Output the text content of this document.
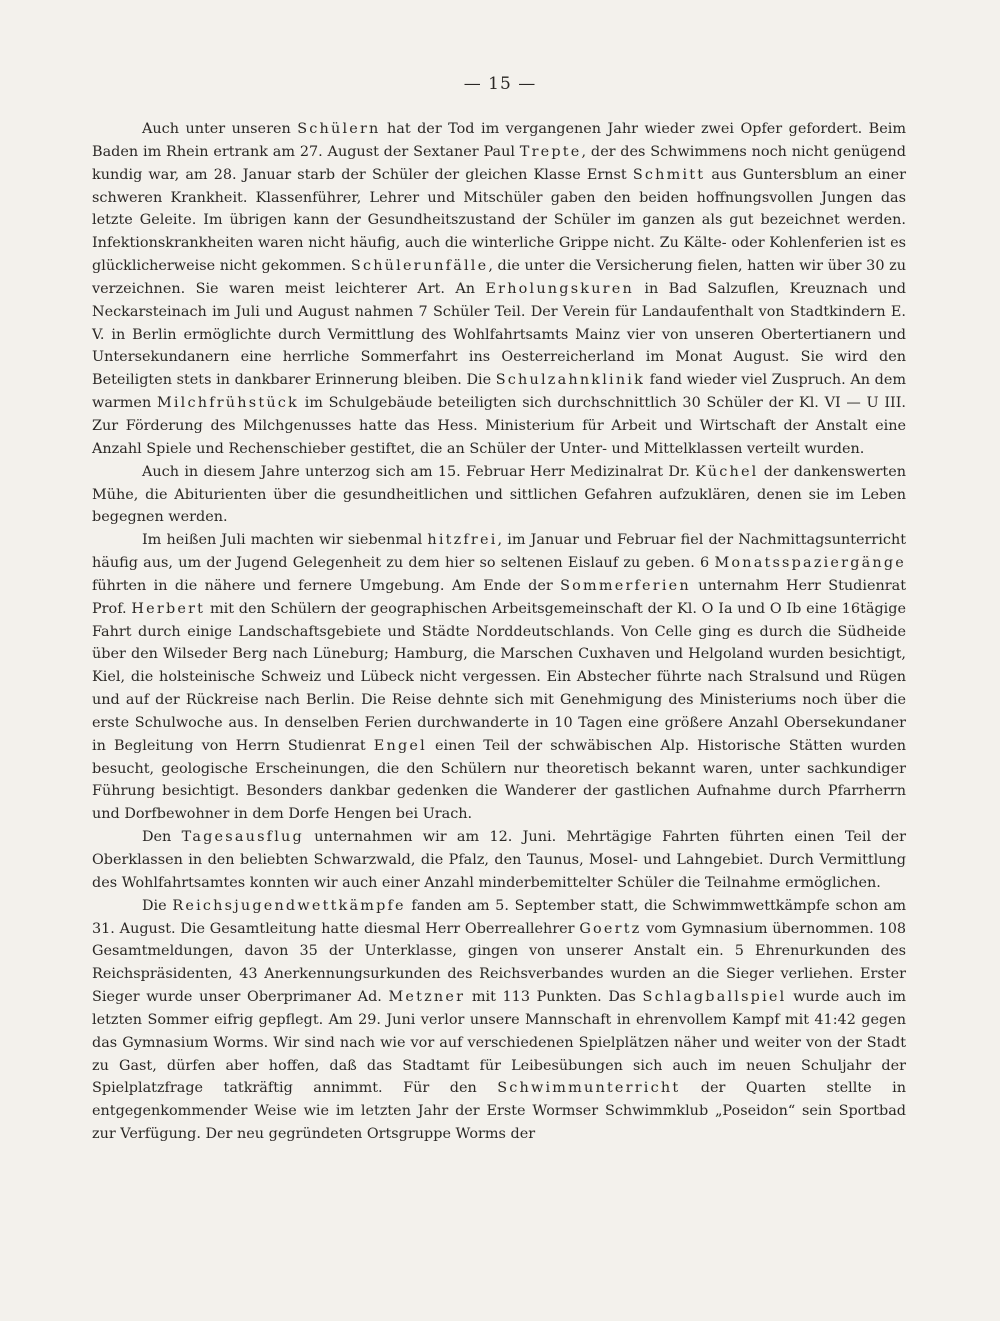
— 15 —

Auch unter unseren Schülern hat der Tod im vergangenen Jahr wieder zwei Opfer gefordert. Beim Baden im Rhein ertrank am 27. August der Sextaner Paul Trepte, der des Schwimmens noch nicht genügend kundig war, am 28. Januar starb der Schüler der gleichen Klasse Ernst Schmitt aus Guntersblum an einer schweren Krankheit. Klassenführer, Lehrer und Mitschüler gaben den beiden hoffnungsvollen Jungen das letzte Geleite. Im übrigen kann der Gesundheitszustand der Schüler im ganzen als gut bezeichnet werden. Infektionskrankheiten waren nicht häufig, auch die winterliche Grippe nicht. Zu Kälte- oder Kohlenferien ist es glücklicherweise nicht gekommen. Schülerunfälle, die unter die Versicherung fielen, hatten wir über 30 zu verzeichnen. Sie waren meist leichterer Art. An Erholungskuren in Bad Salzuflen, Kreuznach und Neckarsteinach im Juli und August nahmen 7 Schüler Teil. Der Verein für Landaufenthalt von Stadtkindern E. V. in Berlin ermöglichte durch Vermittlung des Wohlfahrtsamts Mainz vier von unseren Obertertianern und Untersekundanern eine herrliche Sommerfahrt ins Oesterreicherland im Monat August. Sie wird den Beteiligten stets in dankbarer Erinnerung bleiben. Die Schulzahnklinik fand wieder viel Zuspruch. An dem warmen Milchfrühstück im Schulgebäude beteiligten sich durchschnittlich 30 Schüler der Kl. VI — U III. Zur Förderung des Milchgenusses hatte das Hess. Ministerium für Arbeit und Wirtschaft der Anstalt eine Anzahl Spiele und Rechenschieber gestiftet, die an Schüler der Unter- und Mittelklassen verteilt wurden.

Auch in diesem Jahre unterzog sich am 15. Februar Herr Medizinalrat Dr. Küchel der dankenswerten Mühe, die Abiturienten über die gesundheitlichen und sittlichen Gefahren aufzuklären, denen sie im Leben begegnen werden.

Im heißen Juli machten wir siebenmal hitzfrei, im Januar und Februar fiel der Nachmittagsunterricht häufig aus, um der Jugend Gelegenheit zu dem hier so seltenen Eislauf zu geben. 6 Monatsspaziergänge führten in die nähere und fernere Umgebung. Am Ende der Sommerferien unternahm Herr Studienrat Prof. Herbert mit den Schülern der geographischen Arbeitsgemeinschaft der Kl. O Ia und O Ib eine 16tägige Fahrt durch einige Landschaftsgebiete und Städte Norddeutschlands. Von Celle ging es durch die Südheide über den Wilseder Berg nach Lüneburg; Hamburg, die Marschen Cuxhaven und Helgoland wurden besichtigt, Kiel, die holsteinische Schweiz und Lübeck nicht vergessen. Ein Abstecher führte nach Stralsund und Rügen und auf der Rückreise nach Berlin. Die Reise dehnte sich mit Genehmigung des Ministeriums noch über die erste Schulwoche aus. In denselben Ferien durchwanderte in 10 Tagen eine größere Anzahl Obersekundaner in Begleitung von Herrn Studienrat Engel einen Teil der schwäbischen Alp. Historische Stätten wurden besucht, geologische Erscheinungen, die den Schülern nur theoretisch bekannt waren, unter sachkundiger Führung besichtigt. Besonders dankbar gedenken die Wanderer der gastlichen Aufnahme durch Pfarrherrn und Dorfbewohner in dem Dorfe Hengen bei Urach.

Den Tagesausflug unternahmen wir am 12. Juni. Mehrtägige Fahrten führten einen Teil der Oberklassen in den beliebten Schwarzwald, die Pfalz, den Taunus, Mosel- und Lahngebiet. Durch Vermittlung des Wohlfahrtsamtes konnten wir auch einer Anzahl minderbemittelter Schüler die Teilnahme ermöglichen.

Die Reichsjugendwettkämpfe fanden am 5. September statt, die Schwimmwettkämpfe schon am 31. August. Die Gesamtleitung hatte diesmal Herr Oberreallehrer Goertz vom Gymnasium übernommen. 108 Gesamtmeldungen, davon 35 der Unterklasse, gingen von unserer Anstalt ein. 5 Ehrenurkunden des Reichspräsidenten, 43 Anerkennungsurkunden des Reichsverbandes wurden an die Sieger verliehen. Erster Sieger wurde unser Oberprimaner Ad. Metzner mit 113 Punkten. Das Schlagballspiel wurde auch im letzten Sommer eifrig gepflegt. Am 29. Juni verlor unsere Mannschaft in ehrenvollem Kampf mit 41:42 gegen das Gymnasium Worms. Wir sind nach wie vor auf verschiedenen Spielplätzen näher und weiter von der Stadt zu Gast, dürfen aber hoffen, daß das Stadtamt für Leibesübungen sich auch im neuen Schuljahr der Spielplatzfrage tatkräftig annimmt. Für den Schwimmunterricht der Quarten stellte in entgegenkommender Weise wie im letzten Jahr der Erste Wormser Schwimmklub „Poseidon“ sein Sportbad zur Verfügung. Der neu gegründeten Ortsgruppe Worms der
